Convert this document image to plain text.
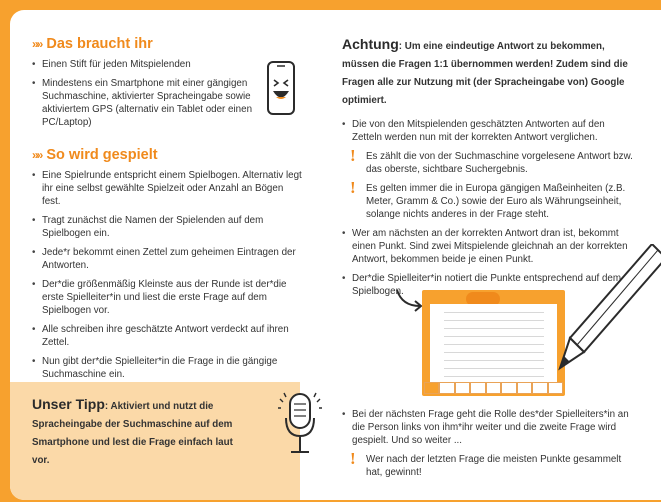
»» Das braucht ihr
• Einen Stift für jeden Mitspielenden
• Mindestens ein Smartphone mit einer gängigen Suchmaschine, aktivierter Spracheingabe sowie aktiviertem GPS (alternativ ein Tablet oder einen PC/Laptop)
»» So wird gespielt
• Eine Spielrunde entspricht einem Spielbogen. Alternativ legt ihr eine selbst gewählte Spielzeit oder Anzahl an Bögen fest.
• Tragt zunächst die Namen der Spielenden auf dem Spielbogen ein.
• Jede*r bekommt einen Zettel zum geheimen Eintragen der Antworten.
• Der*die größenmäßig Kleinste aus der Runde ist der*die erste Spielleiter*in und liest die erste Frage auf dem Spielbogen vor.
• Alle schreiben ihre geschätzte Antwort verdeckt auf ihren Zettel.
• Nun gibt der*die Spielleiter*in die Frage in die gängige Suchmaschine ein.
Unser Tipp: Aktiviert und nutzt die Spracheingabe der Suchmaschine auf dem Smartphone und lest die Frage einfach laut vor.
Achtung: Um eine eindeutige Antwort zu bekommen, müssen die Fragen 1:1 übernommen werden! Zudem sind die Fragen alle zur Nutzung mit (der Spracheingabe von) Google optimiert.
• Die von den Mitspielenden geschätzten Antworten auf den Zetteln werden nun mit der korrekten Antwort verglichen.
! Es zählt die von der Suchmaschine vorgelesene Antwort bzw. das oberste, sichtbare Suchergebnis.
! Es gelten immer die in Europa gängigen Maßeinheiten (z.B. Meter, Gramm & Co.) sowie der Euro als Währungseinheit, solange nichts anderes in der Frage steht.
• Wer am nächsten an der korrekten Antwort dran ist, bekommt einen Punkt. Sind zwei Mitspielende gleichnah an der korrekten Antwort, bekommen beide je einen Punkt.
• Der*die Spielleiter*in notiert die Punkte entsprechend auf dem Spielbogen.
• Bei der nächsten Frage geht die Rolle des*der Spielleiters*in an die Person links von ihm*ihr weiter und die zweite Frage wird gespielt. Und so weiter ...
! Wer nach der letzten Frage die meisten Punkte gesammelt hat, gewinnt!
